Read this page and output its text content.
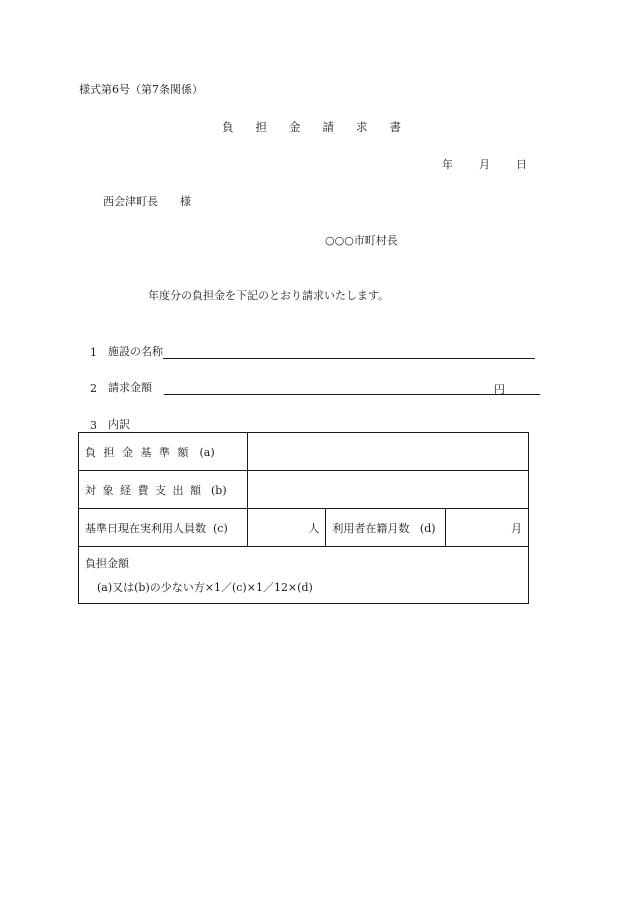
様式第6号（第7条関係）
負担金請求書
年 月 日
西会津町長 様
○○○市町村長
年度分の負担金を下記のとおり請求いたします。
1	施設の名称
2	請求金額	円
3	内訳
負担金基準額 (a)			
対象経費支出額 (b)			
基準日現在実利用人員数 (c)	人	利用者在籍月数 (d)	月
負担金額
(a)又は(b)の少ない方×1／(c)×1／12×(d)			
